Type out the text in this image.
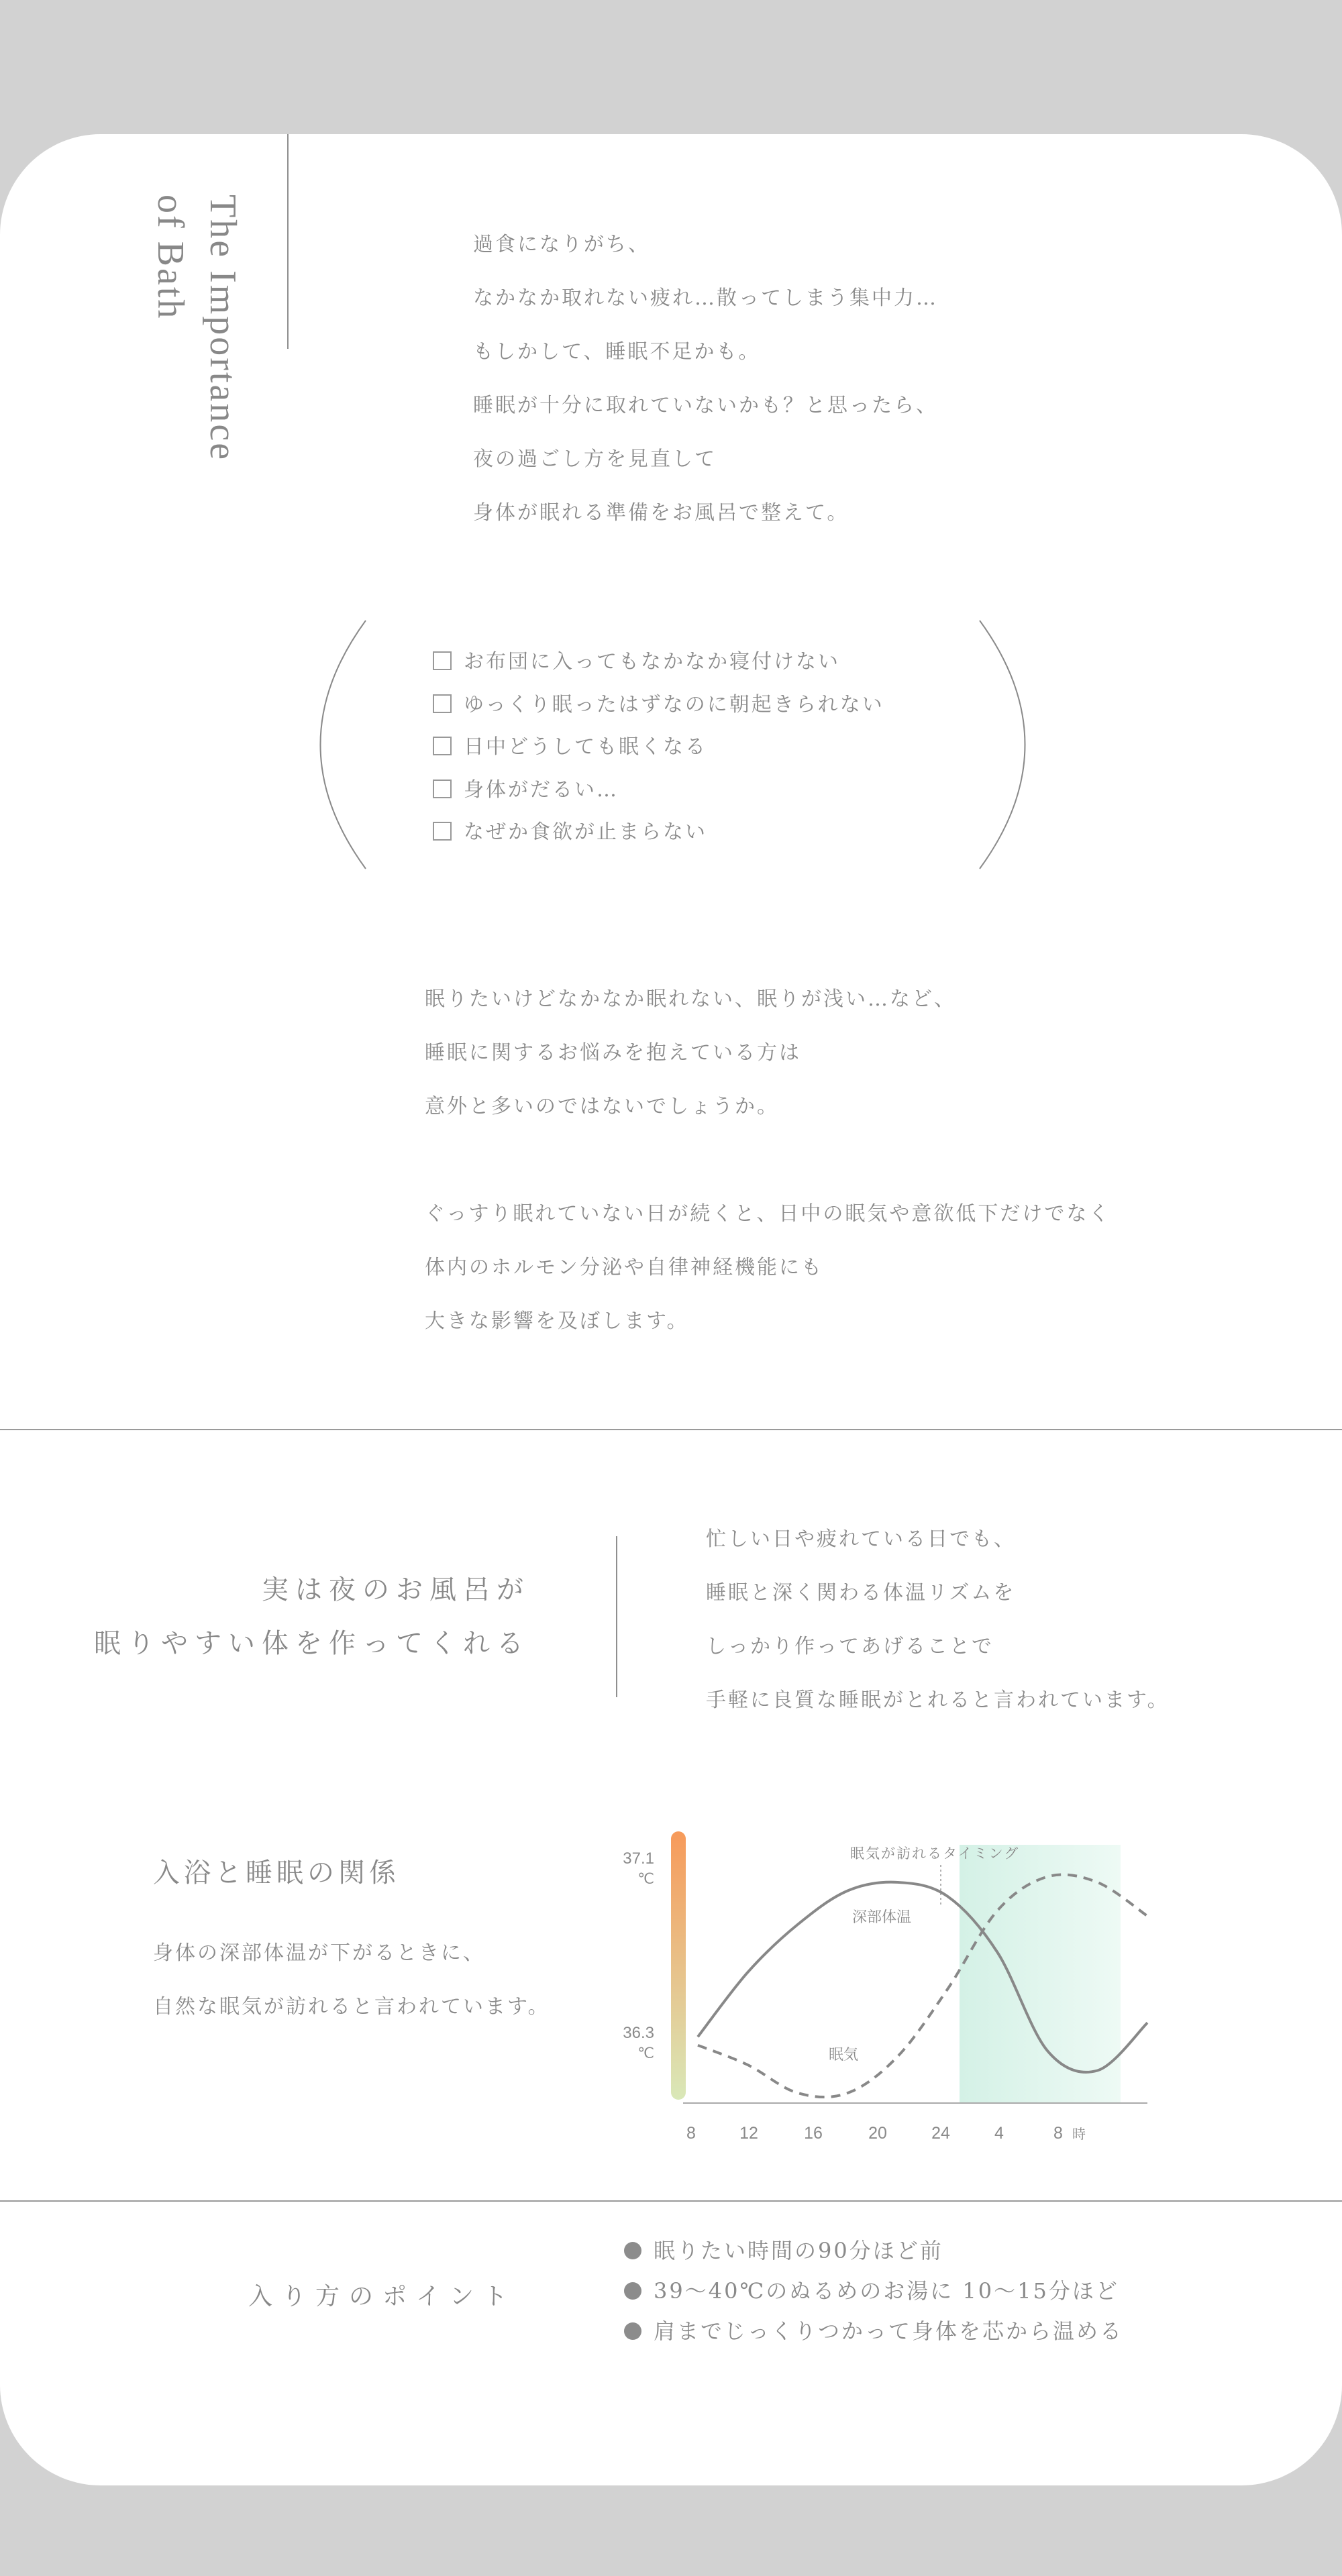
The Importance
of Bath	過食になりがち、

なかなか取れない疲れ…散ってしまう集中力…

もしかして、睡眠不足かも。

睡眠が十分に取れていないかも？と思ったら、

夜の過ごし方を見直して

身体が眠れる準備をお風呂で整えて。

お布団に入ってもなかなか寝付けない
ゆっくり眠ったはずなのに朝起きられない
日中どうしても眠くなる
身体がだるい…
なぜか食欲が止まらない

眠りたいけどなかなか眠れない、眠りが浅い…など、

睡眠に関するお悩みを抱えている方は

意外と多いのではないでしょうか。

ぐっすり眠れていない日が続くと、日中の眠気や意欲低下だけでなく

体内のホルモン分泌や自律神経機能にも

大きな影響を及ぼします。

実は夜のお風呂が

眠りやすい体を作ってくれる

忙しい日や疲れている日でも、

睡眠と深く関わる体温リズムを

しっかり作ってあげることで

手軽に良質な睡眠がとれると言われています。

入浴と睡眠の関係

身体の深部体温が下がるときに、

自然な眠気が訪れると言われています。

37.1
℃
36.3
℃
8	12	16	20	24	4	8 時
眠気が訪れるタイミング
深部体温
眠気
入り方のポイント
眠りたい時間の90分ほど前
39〜40℃のぬるめのお湯に 10〜15分ほど
肩までじっくりつかって身体を芯から温める
